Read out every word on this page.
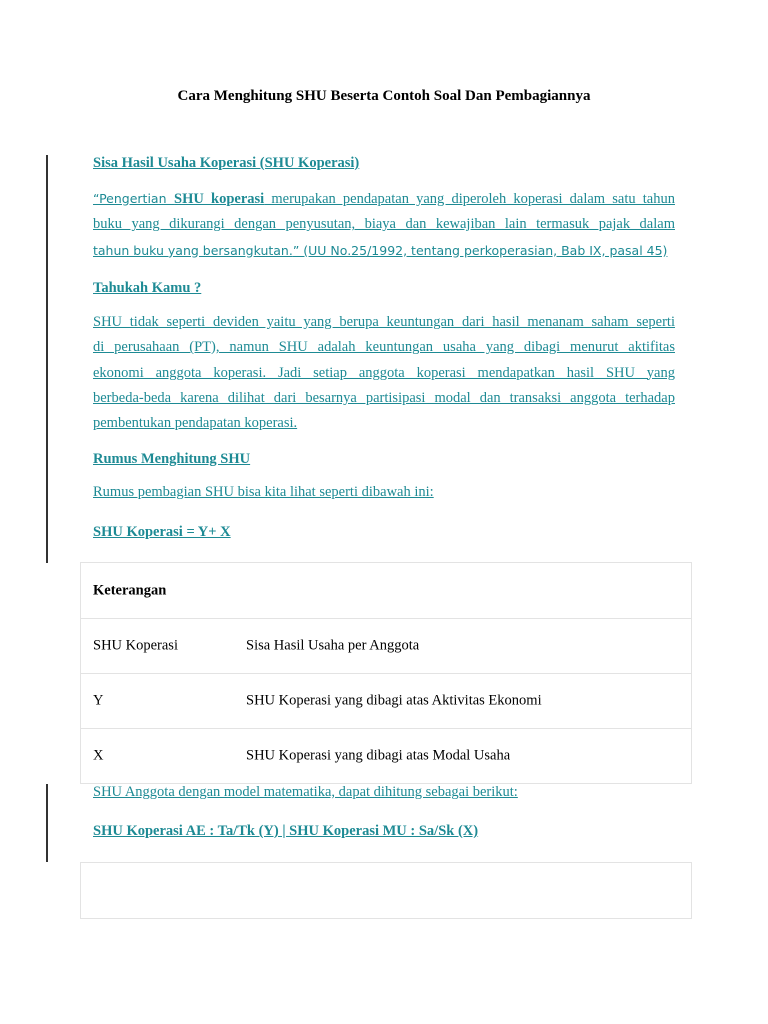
Cara Menghitung SHU Beserta Contoh Soal Dan Pembagiannya
Sisa Hasil Usaha Koperasi (SHU Koperasi)
“Pengertian SHU koperasi merupakan pendapatan yang diperoleh koperasi dalam satu tahun
buku yang dikurangi dengan penyusutan, biaya dan kewajiban lain termasuk pajak dalam
tahun buku yang bersangkutan.” (UU No.25/1992, tentang perkoperasian, Bab IX, pasal 45)
Tahukah Kamu ?
SHU tidak seperti deviden yaitu yang berupa keuntungan dari hasil menanam saham seperti
di perusahaan (PT), namun SHU adalah keuntungan usaha yang dibagi menurut aktifitas
ekonomi anggota koperasi. Jadi setiap anggota koperasi mendapatkan hasil SHU yang
berbeda-beda karena dilihat dari besarnya partisipasi modal dan transaksi anggota terhadap
pembentukan pendapatan koperasi.
Rumus Menghitung SHU
Rumus pembagian SHU bisa kita lihat seperti dibawah ini:
SHU Koperasi = Y+ X
Keterangan
SHU Koperasi	Sisa Hasil Usaha per Anggota
Y	SHU Koperasi yang dibagi atas Aktivitas Ekonomi
X	SHU Koperasi yang dibagi atas Modal Usaha
SHU Anggota dengan model matematika, dapat dihitung sebagai berikut:
SHU Koperasi AE : Ta/Tk (Y) | SHU Koperasi MU : Sa/Sk (X)
